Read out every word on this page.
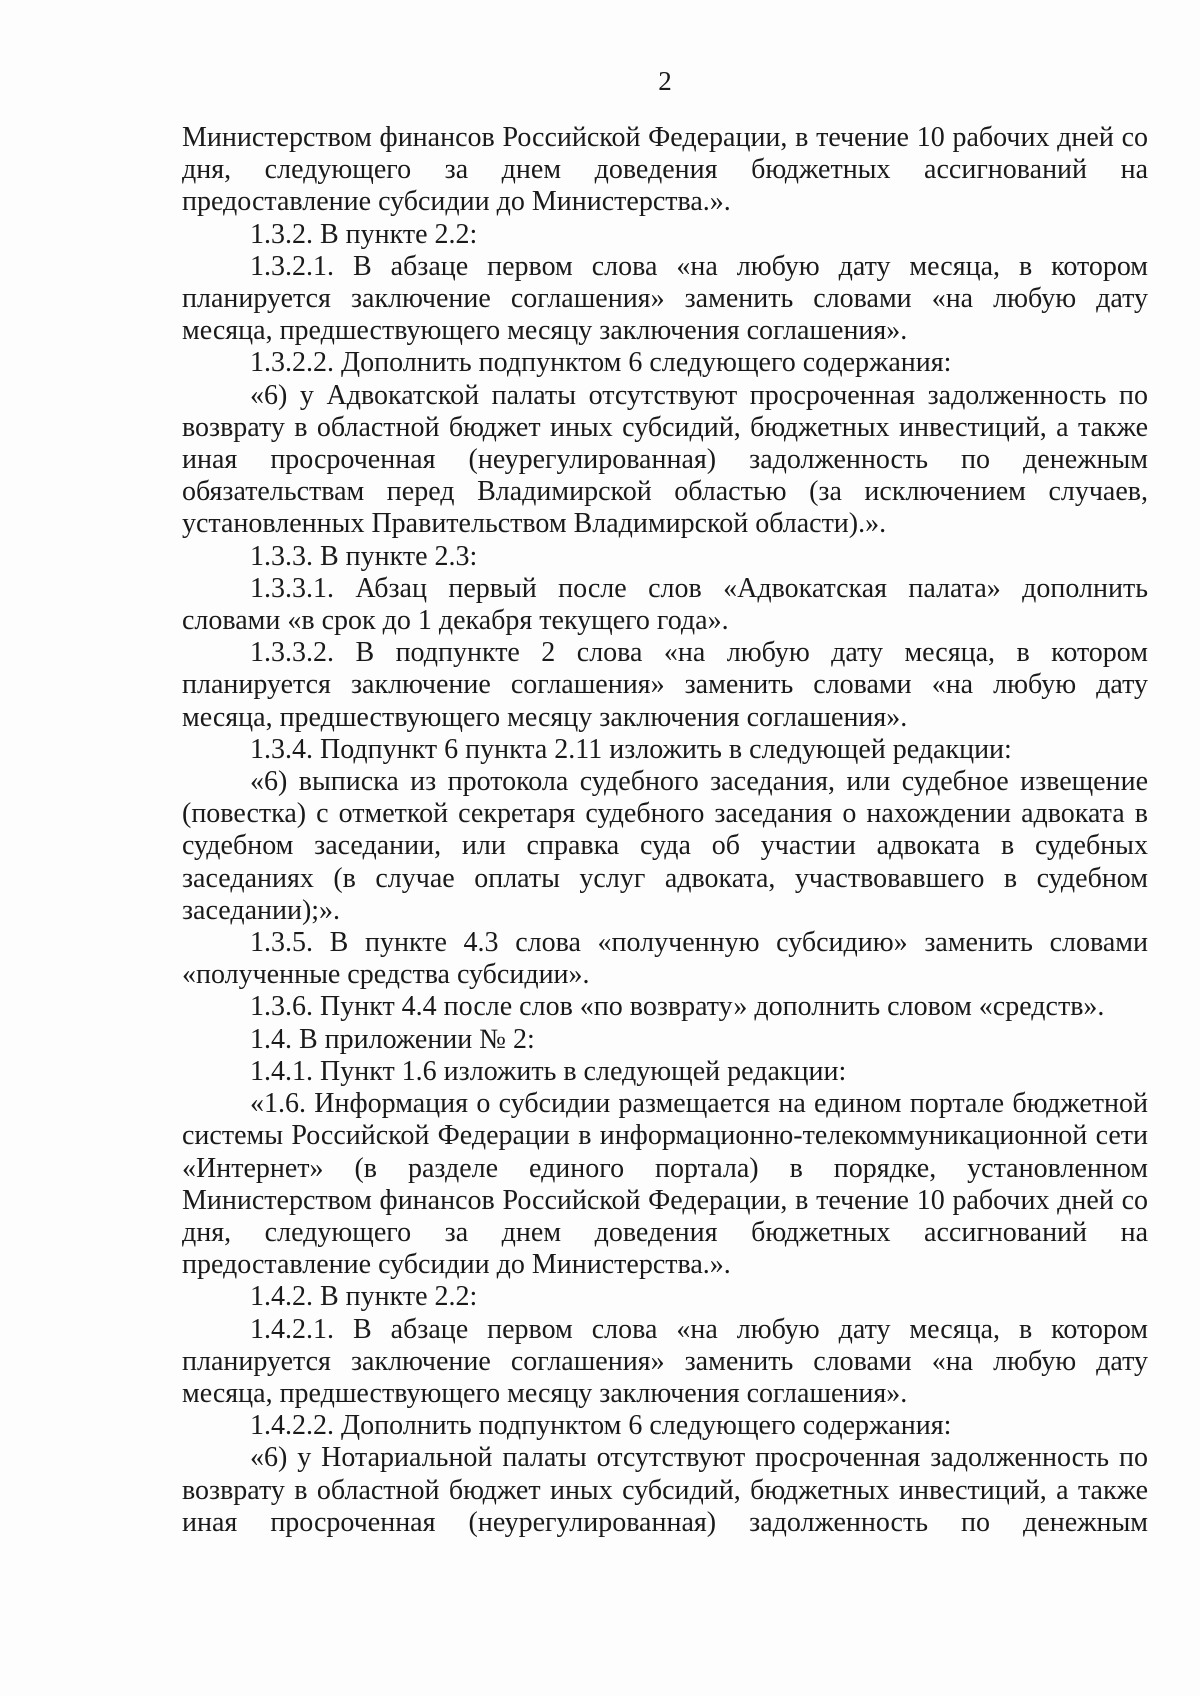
2

Министерством финансов Российской Федерации, в течение 10 рабочих дней со дня, следующего за днем доведения бюджетных ассигнований на предоставление субсидии до Министерства.».

1.3.2. В пункте 2.2:

1.3.2.1. В абзаце первом слова «на любую дату месяца, в котором планируется заключение соглашения» заменить словами «на любую дату месяца, предшествующего месяцу заключения соглашения».

1.3.2.2. Дополнить подпунктом 6 следующего содержания:

«6) у Адвокатской палаты отсутствуют просроченная задолженность по возврату в областной бюджет иных субсидий, бюджетных инвестиций, а также иная просроченная (неурегулированная) задолженность по денежным обязательствам перед Владимирской областью (за исключением случаев, установленных Правительством Владимирской области).».

1.3.3. В пункте 2.3:

1.3.3.1. Абзац первый после слов «Адвокатская палата» дополнить словами «в срок до 1 декабря текущего года».

1.3.3.2. В подпункте 2 слова «на любую дату месяца, в котором планируется заключение соглашения» заменить словами «на любую дату месяца, предшествующего месяцу заключения соглашения».

1.3.4. Подпункт 6 пункта 2.11 изложить в следующей редакции:

«6) выписка из протокола судебного заседания, или судебное извещение (повестка) с отметкой секретаря судебного заседания о нахождении адвоката в судебном заседании, или справка суда об участии адвоката в судебных заседаниях (в случае оплаты услуг адвоката, участвовавшего в судебном заседании);».

1.3.5. В пункте 4.3 слова «полученную субсидию» заменить словами «полученные средства субсидии».

1.3.6. Пункт 4.4 после слов «по возврату» дополнить словом «средств».

1.4. В приложении № 2:

1.4.1. Пункт 1.6 изложить в следующей редакции:

«1.6. Информация о субсидии размещается на едином портале бюджетной системы Российской Федерации в информационно-телекоммуникационной сети «Интернет» (в разделе единого портала) в порядке, установленном Министерством финансов Российской Федерации, в течение 10 рабочих дней со дня, следующего за днем доведения бюджетных ассигнований на предоставление субсидии до Министерства.».

1.4.2. В пункте 2.2:

1.4.2.1. В абзаце первом слова «на любую дату месяца, в котором планируется заключение соглашения» заменить словами «на любую дату месяца, предшествующего месяцу заключения соглашения».

1.4.2.2. Дополнить подпунктом 6 следующего содержания:

«6) у Нотариальной палаты отсутствуют просроченная задолженность по возврату в областной бюджет иных субсидий, бюджетных инвестиций, а также иная просроченная (неурегулированная) задолженность по денежным
